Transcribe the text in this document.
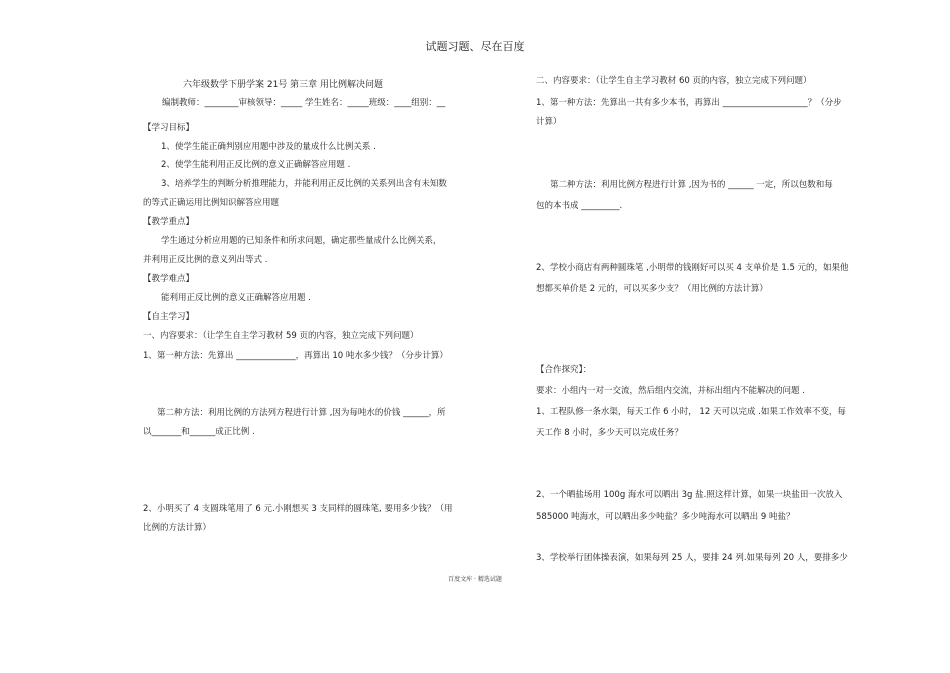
试题习题、尽在百度
六年级数学下册学案 21号 第三章 用比例解决问题
编制教师：________审核领导：_____ 学生姓名：_____班级：____组别：__
【学习目标】
1、使学生能正确判别应用题中涉及的量成什么比例关系 .
2、使学生能利用正反比例的意义正确解答应用题 .
3、培养学生的判断分析推理能力，并能利用正反比例的关系列出含有未知数
的等式正确运用比例知识解答应用题
【教学重点】
学生通过分析应用题的已知条件和所求问题，确定那些量成什么比例关系，
并利用正反比例的意义列出等式 .
【教学难点】
能利用正反比例的意义正确解答应用题 .
【自主学习】
一、内容要求：（让学生自主学习教材 59 页的内容，独立完成下列问题）
1、第一种方法：先算出 ______________，再算出 10 吨水多少钱？（分步计算）
第二种方法：利用比例的方法列方程进行计算 ,因为每吨水的价钱 ______，所
以_______和______成正比例 .
2、小明买了 4 支圆珠笔用了 6 元.小刚想买 3 支同样的圆珠笔, 要用多少钱？（用
比例的方法计算）
二、内容要求：（让学生自主学习教材 60 页的内容，独立完成下列问题）
1、第一种方法：先算出一共有多少本书，再算出 ____________________？（分步
计算）
第二种方法：利用比例方程进行计算 ,因为书的 ______ 一定，所以包数和每
包的本书成 _________.
2、学校小商店有两种圆珠笔 ,小明带的钱刚好可以买 4 支单价是 1.5 元的，如果他
想都买单价是 2 元的，可以买多少支？（用比例的方法计算）
【合作探究】：
要求：小组内一对一交流，然后组内交流，并标出组内不能解决的问题 .
1、工程队修一条水渠，每天工作 6 小时， 12 天可以完成 .如果工作效率不变，每
天工作 8 小时，多少天可以完成任务？
2、一个晒盐场用 100g 海水可以晒出 3g 盐.照这样计算，如果一块盐田一次放入
585000 吨海水，可以晒出多少吨盐？多少吨海水可以晒出 9 吨盐？
3、学校举行团体操表演，如果每列 25 人，要排 24 列.如果每列 20 人，要排多少
百度文库 · 精选试题
